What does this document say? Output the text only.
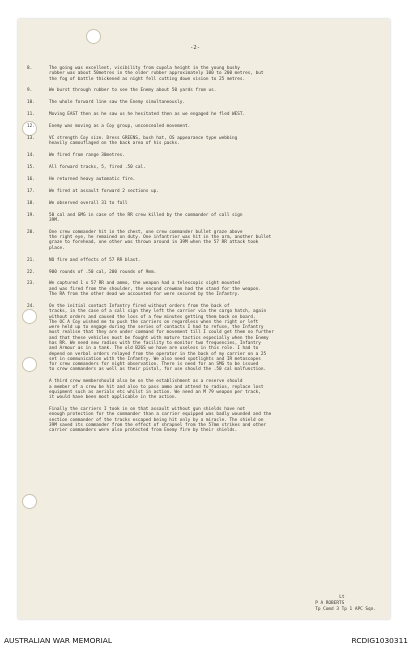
-2-
8.	The going was excellent, visibility from cupola height in the young bushy
rubber was about 50metres in the older rubber approximately 100 to 200 metres, but
the fog of battle thickened as night fell cutting down vision to 25 metres.
9.	We burst through rubber to see the Enemy about 50 yards from us.
10.	The whole forward line saw the Enemy simultaneously.
11.	Moving EAST then as he saw us he hesitated then as we engaged he fled WEST.
12.	Enemy was moving as a Coy group, unconcealed movement.
13.	VC strength Coy size. Dress GREENS, bush hat, OS appearance type webbing
heavily camouflaged on the back area of his packs.
14.	We fired from range 30metres.
15.	All forward tracks, 5, fired .50 cal.
16.	He returned heavy automatic fire.
17.	We fired at assault forward 2 sections up.
18.	We observed overall 31 to fall
19.	50 cal and GMG in case of the RR crew killed by the commander of call sign
39M.
20.	One crew commander hit in the chest, one crew commander bullet graze above
the right eye, he remained on duty. One infantrier was hit in the arm, another bullet
graze to forehead, one other was thrown around in 39M when the 57 RR attack took
place.
21.	NO fire and effects of 57 RR blast.
22.	900 rounds of .50 cal, 200 rounds of 9mm.
23.	We captured 1 x 57 RR and ammo, the weapon had a telescopic sight mounted
and was fired from the shoulder, the second crewman had the stand for the weapon.
The RA from the other dead we accounted for were secured by the Infantry.
24.	On the initial contact Infantry fired without orders from the back of
tracks, in the case of a call sign they left the carrier via the cargo hatch, again
without orders and caused the loss of a few minutes getting them back on board.
The OC A Coy wished me to push the carriers on regardless when the right or left
were held up to engage during the series of contacts I had to refuse, the Infantry
must realise that they are under command for movement till I could get them no further
and that these vehicles must be fought with mature tactics especially when the Enemy
has RR. We need new radios with the facility to monitor two frequencies, Infantry
and Armour as in a tank. The old B26S we have are useless in this role. I had to
depend on verbal orders relayed from the operator in the back of my carrier on a 25
set in communication with the Infantry. We also need spotlights and IR metascopes
for crew commanders for night observation. There is need for an SMG to be issued
to crew commanders as well as their pistol, for use should the .50 cal malfunction.
A third crew membershould also be on the establishment as a reserve should
a member of a crew be hit and also to pass ammo and attend to radios, replace lost
equipment such as aerials etc whilst in action. We need an M 79 weapon per track,
it would have been most applicable in the action.
Finally the carriers I took in on that assault without gun shields have not
enough protection for the commander than a carrier equipped was badly wounded and the
section commander of the tracks escaped being hit only by a miracle. The shield on
39M saved its commander from the effect of shrapnel from the 57mm strikes and other
carrier commanders were also protected from Enemy fire by their shields.
Lt
P A ROBERTS
Tp Comd 3 Tp 1 APC Sqn.
AUSTRALIAN WAR MEMORIAL	RCDIG1030311
